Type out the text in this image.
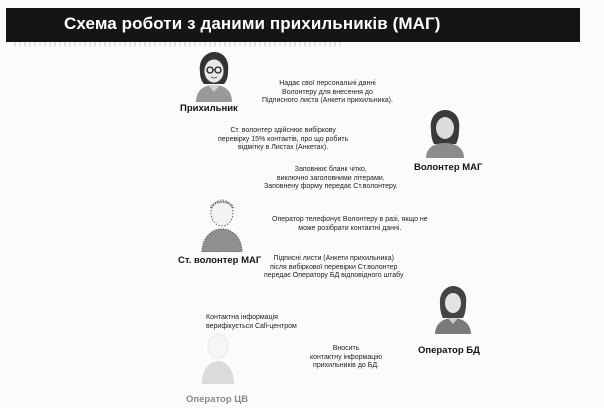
Схема роботи з даними прихильників (МАГ)
Прихильник
Волонтер МАГ
Ст. волонтер МАГ
Оператор БД
Оператор ЦВ
Надає свої персональні данні
Волонтеру для внесення до
Підписного листа (Анкети прихильника).
Ст. волонтер здійснює вибіркову
перевірку 15% контактів, про що робить
відмітку в Листах (Анкетах).
Заповнює бланк чітко,
виключно заголовними літерами.
Заповнену форму передає Ст.волонтеру.
Оператор телефонує Волонтеру в разі, якщо не
може розібрати контактні данні.
Підписні листи (Анкети прихильника)
після вибіркової перевірки Ст.волонтер
передає Оператору БД відповідного штабу
Контактна інформація
верифікується Call-центром
Вносить
контактну інформацію
прихильників до БД.
